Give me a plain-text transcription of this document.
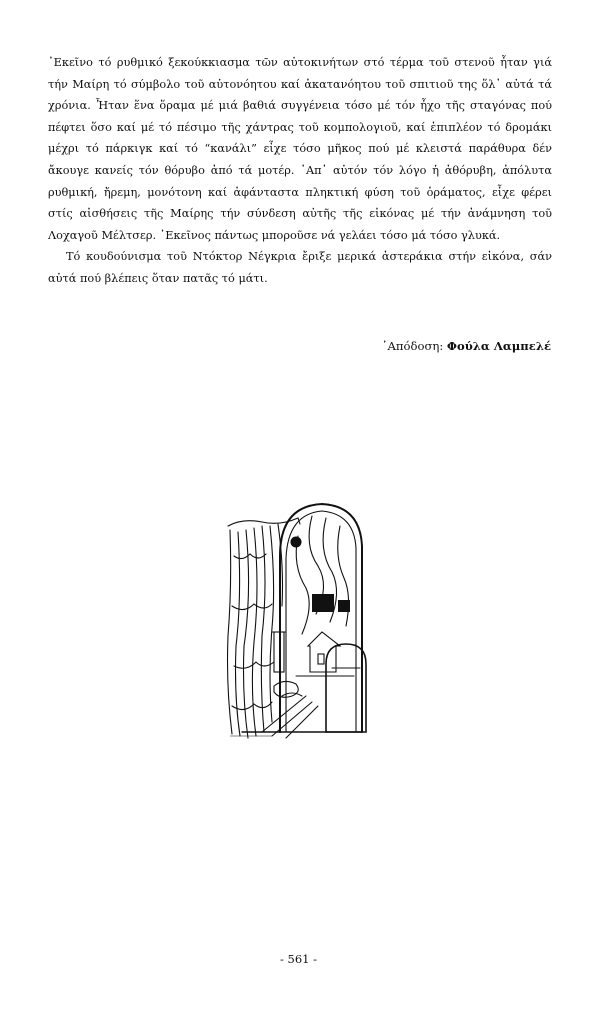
᾿Εκεῖνο τό ρυθμικό ξεκούκκιασμα τῶν αὐτοκινήτων στό τέρμα τοῦ στενοῦ ἦταν γιά τήν Μαίρη τό σύμβολο τοῦ αὐτονόητου καί ἀκατανόητου τοῦ σπιτιοῦ της ὅλ᾿ αὐτά τά χρόνια. Ἦταν ἕνα ὅραμα μέ μιά βαθιά συγγένεια τόσο μέ τόν ἦχο τῆς σταγόνας πού πέφτει ὅσο καί μέ τό πέσιμο τῆς χάντρας τοῦ κομπολογιοῦ, καί ἐπιπλέον τό δρομάκι μέχρι τό πάρκιγκ καί τό “κανάλι” εἶχε τόσο μῆκος πού μέ κλειστά παράθυρα δέν ἄκουγε κανείς τόν θόρυβο ἀπό τά μοτέρ. ᾿Απ᾿ αὐτόν τόν λόγο ἡ ἀθόρυβη, ἀπόλυτα ρυθμική, ἤρεμη, μονότονη καί ἀφάνταστα πληκτική φύση τοῦ ὁράματος, εἶχε φέρει στίς αἰσθήσεις τῆς Μαίρης τήν σύνδεση αὐτῆς τῆς εἰκόνας μέ τήν ἀνάμνηση τοῦ Λοχαγοῦ Μέλτσερ. ᾿Εκεῖνος πάντως μποροῦσε νά γελάει τόσο μά τόσο γλυκά.

Τό κουδούνισμα τοῦ Ντόκτορ Νέγκρια ἔριξε μερικά ἀστεράκια στήν εἰκόνα, σάν αὐτά πού βλέπεις ὅταν πατᾶς τό μάτι.

᾿Απόδοση: Φούλα Λαμπελέ
- 561 -
